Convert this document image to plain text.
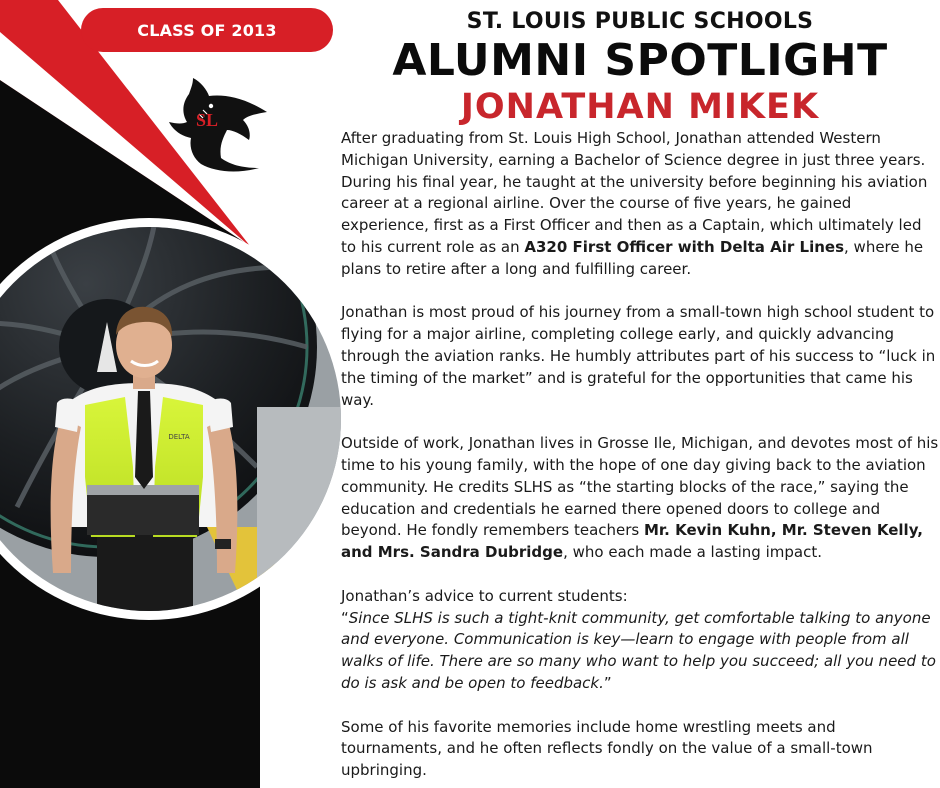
CLASS OF 2013
SL
ST. LOUIS PUBLIC SCHOOLS
ALUMNI SPOTLIGHT
JONATHAN MIKEK
DELTA

After graduating from St. Louis High School, Jonathan attended Western Michigan University, earning a Bachelor of Science degree in just three years. During his final year, he taught at the university before beginning his aviation career at a regional airline. Over the course of five years, he gained experience, first as a First Officer and then as a Captain, which ultimately led to his current role as an A320 First Officer with Delta Air Lines, where he plans to retire after a long and fulfilling career.

Jonathan is most proud of his journey from a small-town high school student to flying for a major airline, completing college early, and quickly advancing through the aviation ranks. He humbly attributes part of his success to “luck in the timing of the market” and is grateful for the opportunities that came his way.

Outside of work, Jonathan lives in Grosse Ile, Michigan, and devotes most of his time to his young family, with the hope of one day giving back to the aviation community. He credits SLHS as “the starting blocks of the race,” saying the education and credentials he earned there opened doors to college and beyond. He fondly remembers teachers Mr. Kevin Kuhn, Mr. Steven Kelly, and Mrs. Sandra Dubridge, who each made a lasting impact.

Jonathan’s advice to current students:
“Since SLHS is such a tight-knit community, get comfortable talking to anyone and everyone. Communication is key—learn to engage with people from all walks of life. There are so many who want to help you succeed; all you need to do is ask and be open to feedback.”

Some of his favorite memories include home wrestling meets and tournaments, and he often reflects fondly on the value of a small-town upbringing.
